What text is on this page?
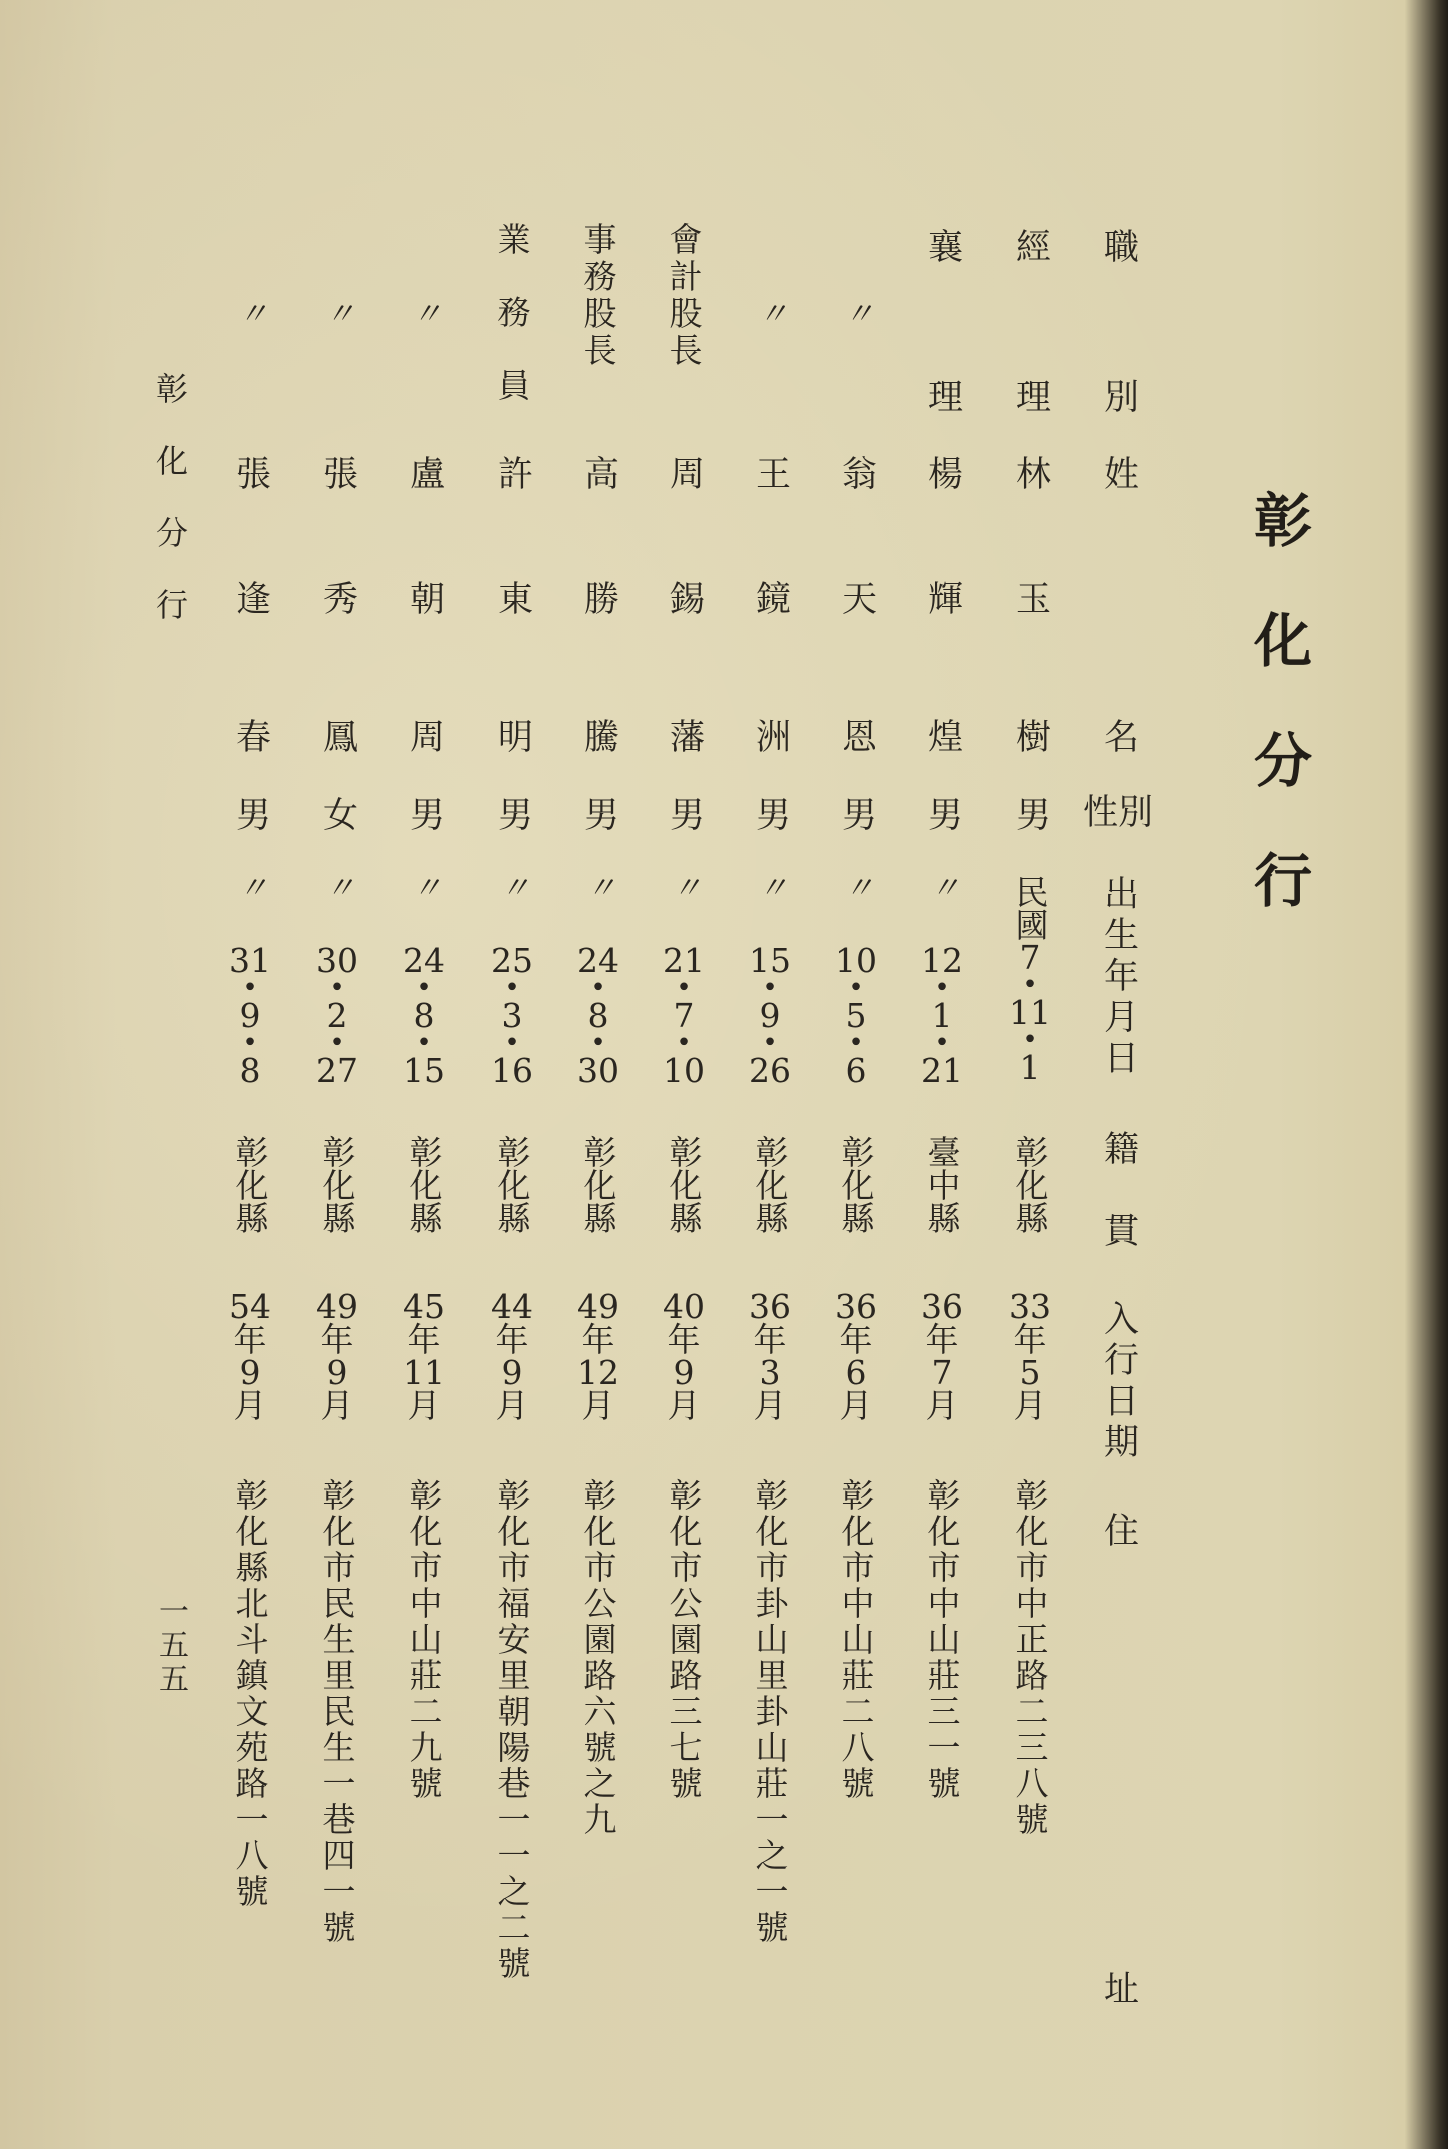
彰化分行
職
別
姓
名
性別
出生年月日
籍
貫
入行日期
住
址
經
理
林
玉
樹
男
民國
7
•
11
•
1
彰化縣
33
年
5
月
彰化市中正路二三八號
襄
理
楊
輝
煌
男
〃
12
•
1
•
21
臺中縣
36
年
7
月
彰化市中山莊三一號
〃
翁
天
恩
男
〃
10
•
5
•
6
彰化縣
36
年
6
月
彰化市中山莊二八號
〃
王
鏡
洲
男
〃
15
•
9
•
26
彰化縣
36
年
3
月
彰化市卦山里卦山莊一之一號
會計股長
周
錫
藩
男
〃
21
•
7
•
10
彰化縣
40
年
9
月
彰化市公園路三七號
事務股長
高
勝
騰
男
〃
24
•
8
•
30
彰化縣
49
年
12
月
彰化市公園路六號之九
業務員
許
東
明
男
〃
25
•
3
•
16
彰化縣
44
年
9
月
彰化市福安里朝陽巷一一之二號
〃
盧
朝
周
男
〃
24
•
8
•
15
彰化縣
45
年
11
月
彰化市中山莊二九號
〃
張
秀
鳳
女
〃
30
•
2
•
27
彰化縣
49
年
9
月
彰化市民生里民生一巷四一號
〃
張
逢
春
男
〃
31
•
9
•
8
彰化縣
54
年
9
月
彰化縣北斗鎮文苑路一八號
彰化分行
一五五
